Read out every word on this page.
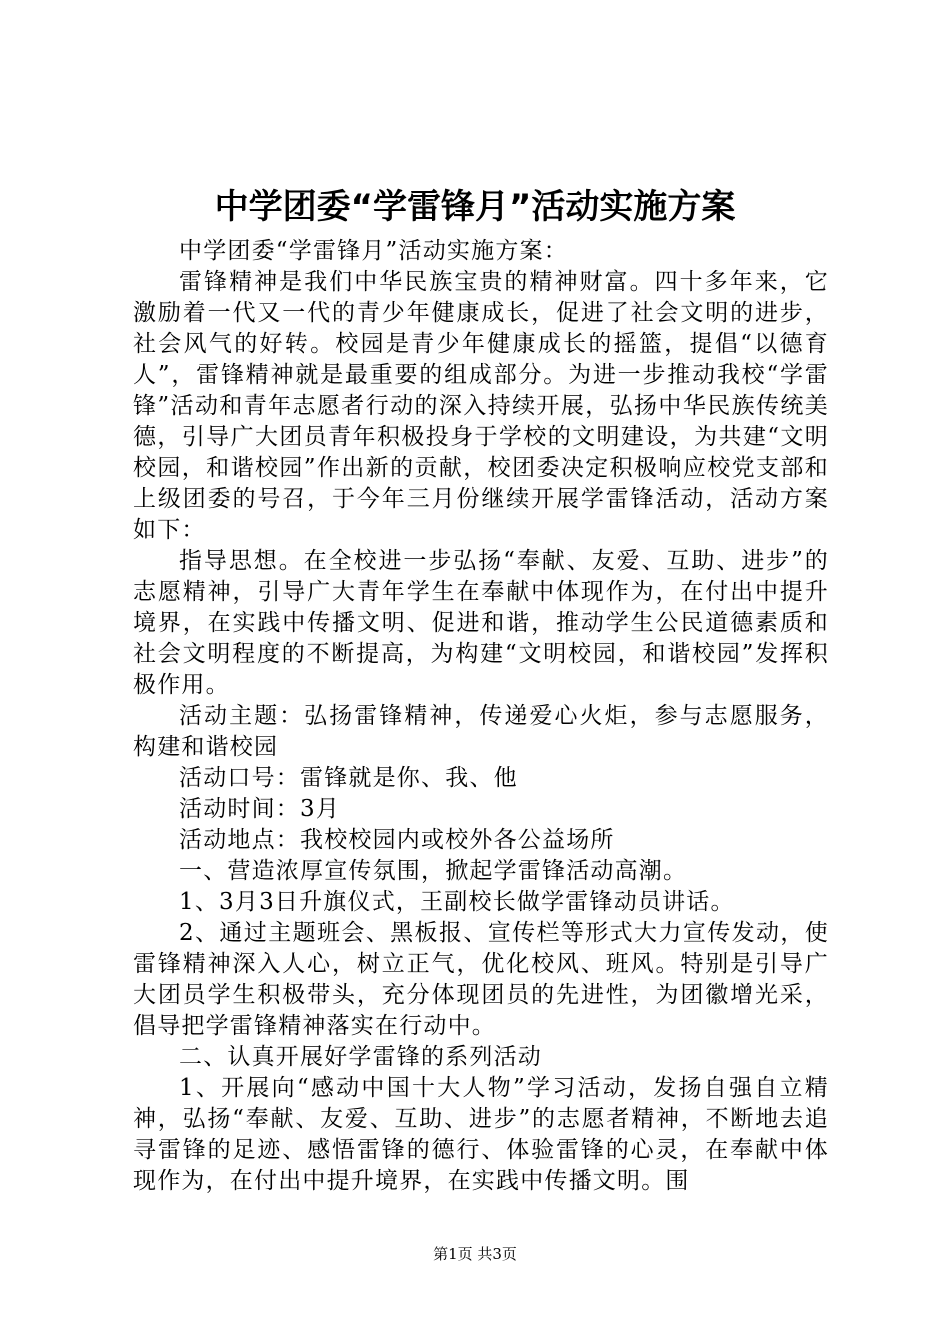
中学团委“学雷锋月”活动实施方案

中学团委“学雷锋月”活动实施方案：

雷锋精神是我们中华民族宝贵的精神财富。四十多年来，它激励着一代又一代的青少年健康成长，促进了社会文明的进步，社会风气的好转。校园是青少年健康成长的摇篮，提倡“以德育人”，雷锋精神就是最重要的组成部分。为进一步推动我校“学雷锋”活动和青年志愿者行动的深入持续开展，弘扬中华民族传统美德，引导广大团员青年积极投身于学校的文明建设，为共建“文明校园，和谐校园”作出新的贡献，校团委决定积极响应校党支部和上级团委的号召，于今年三月份继续开展学雷锋活动，活动方案如下：

指导思想。在全校进一步弘扬“奉献、友爱、互助、进步”的志愿精神，引导广大青年学生在奉献中体现作为，在付出中提升境界，在实践中传播文明、促进和谐，推动学生公民道德素质和社会文明程度的不断提高，为构建“文明校园，和谐校园”发挥积极作用。

活动主题：弘扬雷锋精神，传递爱心火炬，参与志愿服务，构建和谐校园

活动口号：雷锋就是你、我、他

活动时间：3月

活动地点：我校校园内或校外各公益场所

一、营造浓厚宣传氛围，掀起学雷锋活动高潮。

1、3月3日升旗仪式，王副校长做学雷锋动员讲话。

2、通过主题班会、黑板报、宣传栏等形式大力宣传发动，使雷锋精神深入人心，树立正气，优化校风、班风。特别是引导广大团员学生积极带头，充分体现团员的先进性，为团徽增光采，倡导把学雷锋精神落实在行动中。

二、认真开展好学雷锋的系列活动

1、开展向“感动中国十大人物”学习活动，发扬自强自立精神，弘扬“奉献、友爱、互助、进步”的志愿者精神，不断地去追寻雷锋的足迹、感悟雷锋的德行、体验雷锋的心灵，在奉献中体现作为，在付出中提升境界，在实践中传播文明。围

第1页 共3页
